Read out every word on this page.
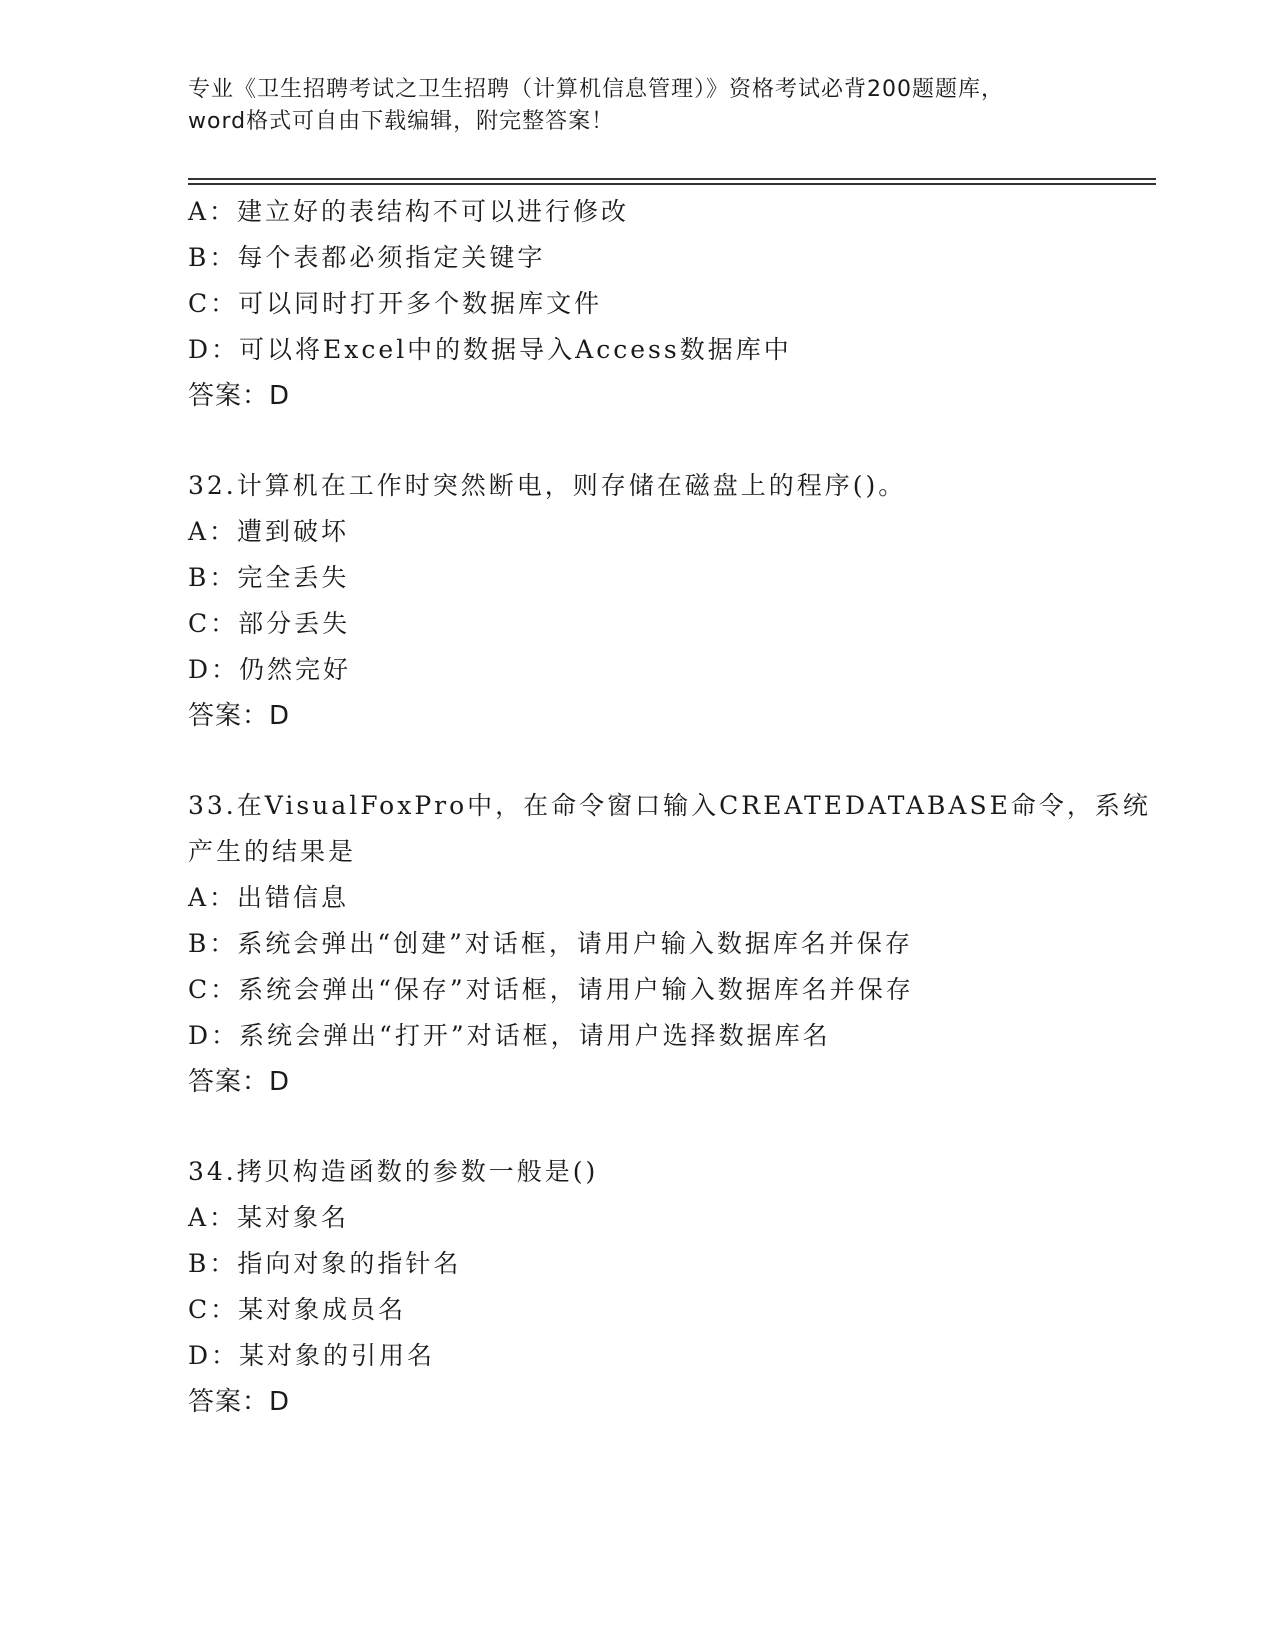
专业《卫生招聘考试之卫生招聘（计算机信息管理）》资格考试必背200题题库，
word格式可自由下载编辑，附完整答案！
A：建立好的表结构不可以进行修改
B：每个表都必须指定关键字
C：可以同时打开多个数据库文件
D：可以将Excel中的数据导入Access数据库中
答案：D
32.计算机在工作时突然断电，则存储在磁盘上的程序()。
A：遭到破坏
B：完全丢失
C：部分丢失
D：仍然完好
答案：D
33.在VisualFoxPro中，在命令窗口输入CREATEDATABASE命令，系统
产生的结果是
A：出错信息
B：系统会弹出“创建”对话框，请用户输入数据库名并保存
C：系统会弹出“保存”对话框，请用户输入数据库名并保存
D：系统会弹出“打开”对话框，请用户选择数据库名
答案：D
34.拷贝构造函数的参数一般是()
A：某对象名
B：指向对象的指针名
C：某对象成员名
D：某对象的引用名
答案：D
